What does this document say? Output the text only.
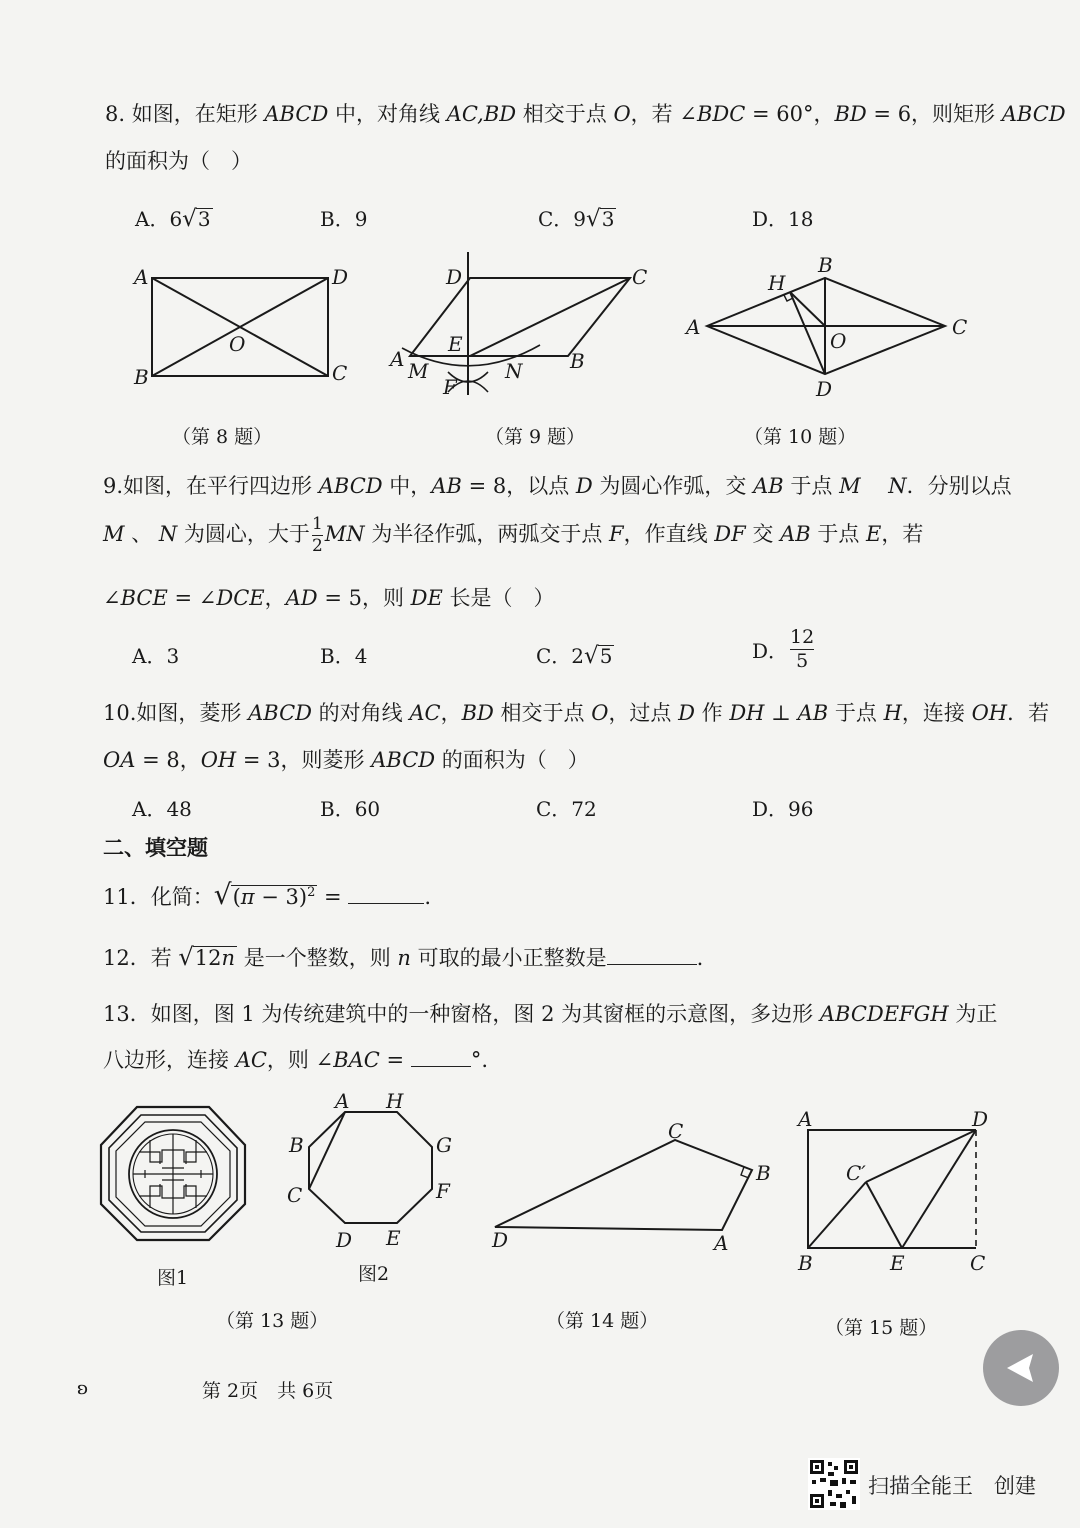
8. 如图，在矩形 ABCD 中，对角线 AC,BD 相交于点 O，若 ∠BDC = 60°，BD = 6，则矩形 ABCD
的面积为（　）
A．6√3	B．9	C．9√3	D．18
A	D
B	C
O
D	C
A
E
B
M	N
F
A
B
C
D
H
O
（第 8 题）	（第 9 题）	（第 10 题）
9.如图，在平行四边形 ABCD 中，AB = 8，以点 D 为圆心作弧，交 AB 于点 M　 N．分别以点
M 、 N 为圆心，大于 $\frac{1}{2}$ MN 为半径作弧，两弧交于点 F，作直线 DF 交 AB 于点 E，若
∠BCE = ∠DCE，AD = 5，则 DE 长是（　）
A．3	B．4	C．2√5	D． $\frac{12}{5}$
10.如图，菱形 ABCD 的对角线 AC，BD 相交于点 O，过点 D 作 DH ⊥ AB 于点 H，连接 OH．若
OA = 8，OH = 3，则菱形 ABCD 的面积为（　）
A．48	B．60	C．72	D．96
二、填空题
11．化简：$√(\pi - 3)^2$ =	.
12．若 √12n 是一个整数，则 n 可取的最小正整数是	.
13．如图，图 1 为传统建筑中的一种窗格，图 2 为其窗框的示意图，多边形 ABCDEFGH 为正
八边形，连接 AC，则 ∠BAC =	°.
A H
B	G
C	F
D E
图1	图2
C
B
D	A
A	D
C′
B	E	C
（第 13 题）	（第 14 题）	（第 15 题）
ʚ	第 2页　共 6页
扫描全能王　创建
